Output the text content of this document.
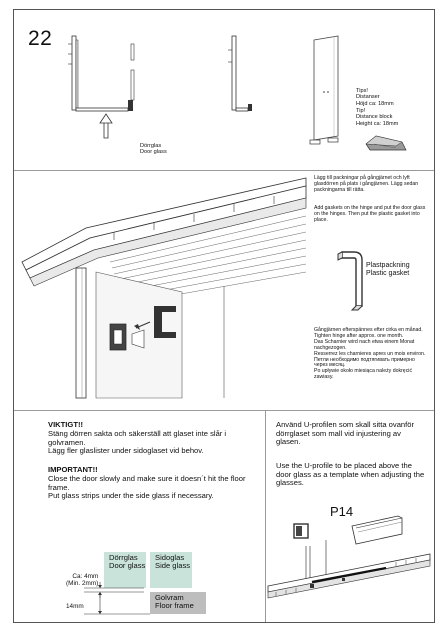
22
Dörrglas
Door glass
Tips!
Distanser
Höjd ca: 18mm
Tip!
Distance block
Height ca: 18mm
Lägg till packningar på gångjärnet och lyft glasdörren på plats i gångjärnen. Lägg sedan packningarna till rätta.
Add gaskets on the hinge and put the door glass on the hinges. Then put the plastic gasket into place.
Plastpackning
Plastic gasket
Gångjärnen efterspännes efter cirka en månad.
Tighten hinge after approx. one month.
Das Scharnier wird nach etwa einem Monat nachgezogen.
Resserrez les charnieres apres un mois environ.
Петли необходимо подтягивать примерно через месяц.
Po upływie około miesiąca należy dokręcić zawiasy.
VIKTIGT!!
Stäng dörren sakta och säkerställ att glaset inte slår i golvramen.
Lägg fler glaslister under sidoglaset vid behov.
IMPORTANT!!
Close the door slowly and make sure it doesn´t hit the floor frame.
Put glass strips under the side glass if necessary.
Dörrglas
Door glass
Sidoglas
Side glass
Golvram
Floor frame
Ca: 4mm
(Min. 2mm)
14mm
Använd U-profilen som skall sitta ovanför dörrglaset som mall vid injustering av glasen.
Use the U-profile to be placed above the door glass as a template when adjusting the glasses.
P14
